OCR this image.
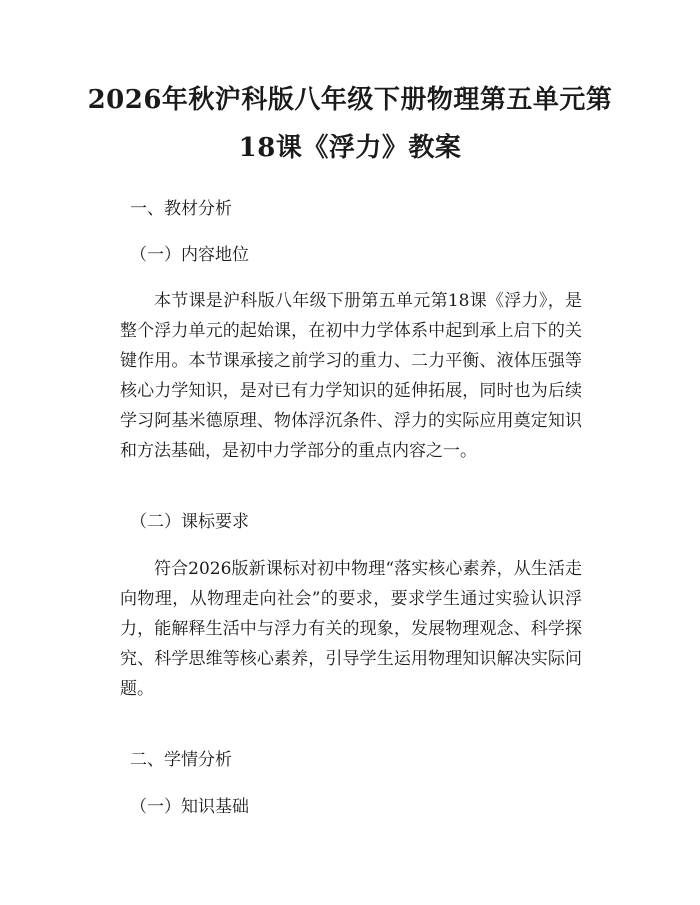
2026年秋沪科版八年级下册物理第五单元第
18课《浮力》教案

一、教材分析

（一）内容地位

本节课是沪科版八年级下册第五单元第18课《浮力》，是整个浮力单元的起始课，在初中力学体系中起到承上启下的关键作用。本节课承接之前学习的重力、二力平衡、液体压强等核心力学知识，是对已有力学知识的延伸拓展，同时也为后续学习阿基米德原理、物体浮沉条件、浮力的实际应用奠定知识和方法基础，是初中力学部分的重点内容之一。

（二）课标要求

符合2026版新课标对初中物理“落实核心素养，从生活走向物理，从物理走向社会”的要求，要求学生通过实验认识浮力，能解释生活中与浮力有关的现象，发展物理观念、科学探究、科学思维等核心素养，引导学生运用物理知识解决实际问题。

二、学情分析

（一）知识基础
